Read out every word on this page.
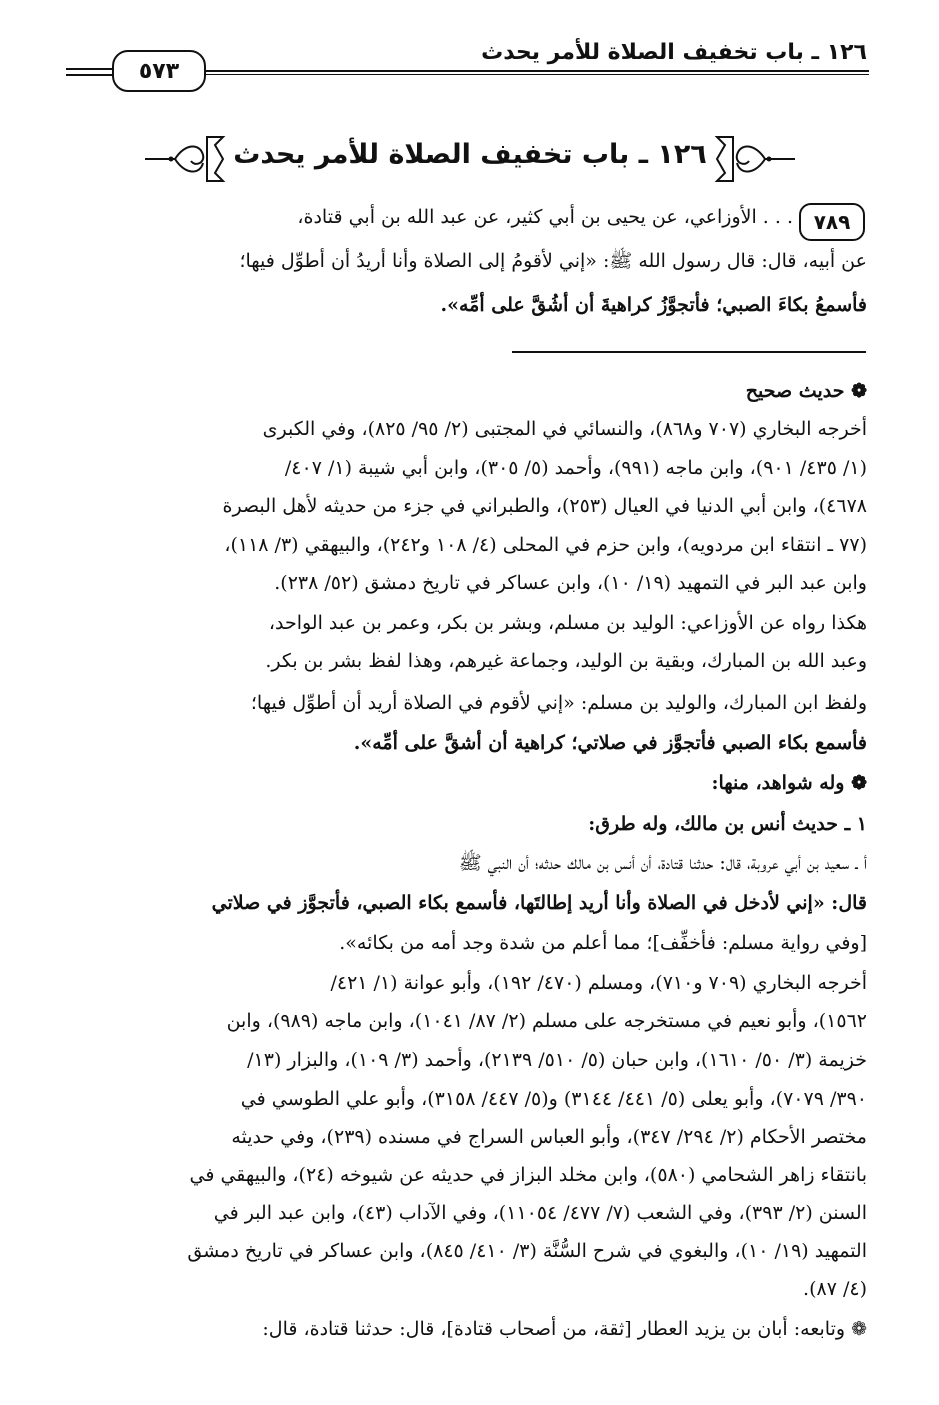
١٢٦ ـ باب تخفيف الصلاة للأمر يحدث
٥٧٣
١٢٦ ـ باب تخفيف الصلاة للأمر يحدث
٧٨٩
. . . الأوزاعي، عن يحيى بن أبي كثير، عن عبد الله بن أبي قتادة،
عن أبيه، قال: قال رسول الله ﷺ: «إني لأقومُ إلى الصلاة وأنا أريدُ أن أطوِّل فيها؛
فأسمعُ بكاءَ الصبي؛ فأتجوَّزُ كراهيةَ أن أشُقَّ على أمِّه».
❁ حديث صحيح
أخرجه البخاري (٧٠٧ و٨٦٨)، والنسائي في المجتبى (٢/ ٩٥/ ٨٢٥)، وفي الكبرى
(١/ ٤٣٥/ ٩٠١)، وابن ماجه (٩٩١)، وأحمد (٥/ ٣٠٥)، وابن أبي شيبة (١/ ٤٠٧/
٤٦٧٨)، وابن أبي الدنيا في العيال (٢٥٣)، والطبراني في جزء من حديثه لأهل البصرة
(٧٧ ـ انتقاء ابن مردويه)، وابن حزم في المحلى (٤/ ١٠٨ و٢٤٢)، والبيهقي (٣/ ١١٨)،
وابن عبد البر في التمهيد (١٩/ ١٠)، وابن عساكر في تاريخ دمشق (٥٢/ ٢٣٨).
هكذا رواه عن الأوزاعي: الوليد بن مسلم، وبشر بن بكر، وعمر بن عبد الواحد،
وعبد الله بن المبارك، وبقية بن الوليد، وجماعة غيرهم، وهذا لفظ بشر بن بكر.
ولفظ ابن المبارك، والوليد بن مسلم: «إني لأقوم في الصلاة أريد أن أطوِّل فيها؛
فأسمع بكاء الصبي فأتجوَّز في صلاتي؛ كراهية أن أشقَّ على أمِّه».
❁ وله شواهد، منها:
١ ـ حديث أنس بن مالك، وله طرق:
أ ـ سعيد بن أبي عروبة، قال: حدثنا قتادة، أن أنس بن مالك حدثه؛ أن النبي ﷺ
قال: «إني لأدخل في الصلاة وأنا أريد إطالتَها، فأسمع بكاء الصبي، فأتجوَّز في صلاتي
[وفي رواية مسلم: فأخفِّف]؛ مما أعلم من شدة وجد أمه من بكائه».
أخرجه البخاري (٧٠٩ و٧١٠)، ومسلم (٤٧٠/ ١٩٢)، وأبو عوانة (١/ ٤٢١/
١٥٦٢)، وأبو نعيم في مستخرجه على مسلم (٢/ ٨٧/ ١٠٤١)، وابن ماجه (٩٨٩)، وابن
خزيمة (٣/ ٥٠/ ١٦١٠)، وابن حبان (٥/ ٥١٠/ ٢١٣٩)، وأحمد (٣/ ١٠٩)، والبزار (١٣/
٣٩٠/ ٧٠٧٩)، وأبو يعلى (٥/ ٤٤١/ ٣١٤٤) و(٥/ ٤٤٧/ ٣١٥٨)، وأبو علي الطوسي في
مختصر الأحكام (٢/ ٢٩٤/ ٣٤٧)، وأبو العباس السراج في مسنده (٢٣٩)، وفي حديثه
بانتقاء زاهر الشحامي (٥٨٠)، وابن مخلد البزاز في حديثه عن شيوخه (٢٤)، والبيهقي في
السنن (٢/ ٣٩٣)، وفي الشعب (٧/ ٤٧٧/ ١١٠٥٤)، وفي الآداب (٤٣)، وابن عبد البر في
التمهيد (١٩/ ١٠)، والبغوي في شرح السُّنَّة (٣/ ٤١٠/ ٨٤٥)، وابن عساكر في تاريخ دمشق
(٤/ ٨٧).
❁ وتابعه: أبان بن يزيد العطار [ثقة، من أصحاب قتادة]، قال: حدثنا قتادة، قال:
